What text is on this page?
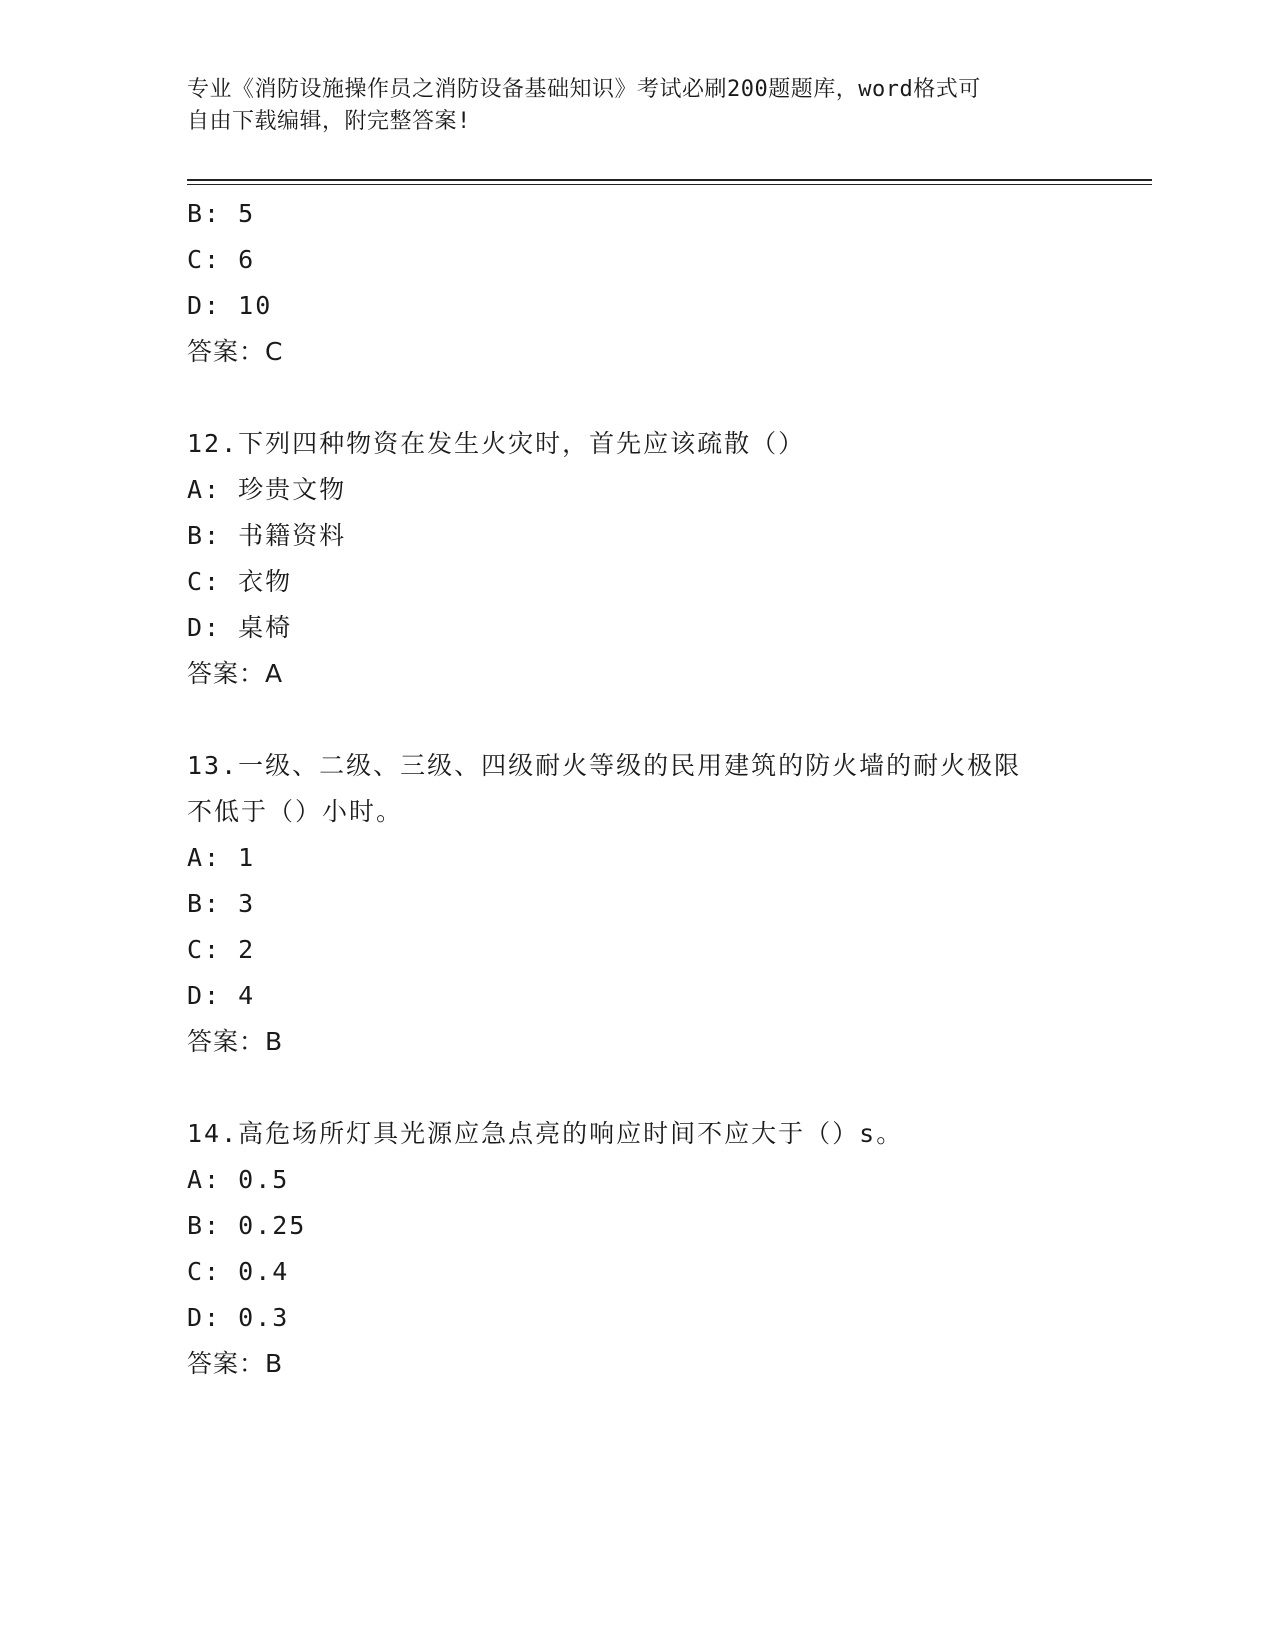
专业《消防设施操作员之消防设备基础知识》考试必刷200题题库，word格式可
自由下载编辑，附完整答案!
B: 5
C: 6
D: 10
答案：C
12.下列四种物资在发生火灾时，首先应该疏散（）
A: 珍贵文物
B: 书籍资料
C: 衣物
D: 桌椅
答案：A
13.一级、二级、三级、四级耐火等级的民用建筑的防火墙的耐火极限
不低于（）小时。
A: 1
B: 3
C: 2
D: 4
答案：B
14.高危场所灯具光源应急点亮的响应时间不应大于（）s。
A: 0.5
B: 0.25
C: 0.4
D: 0.3
答案：B
